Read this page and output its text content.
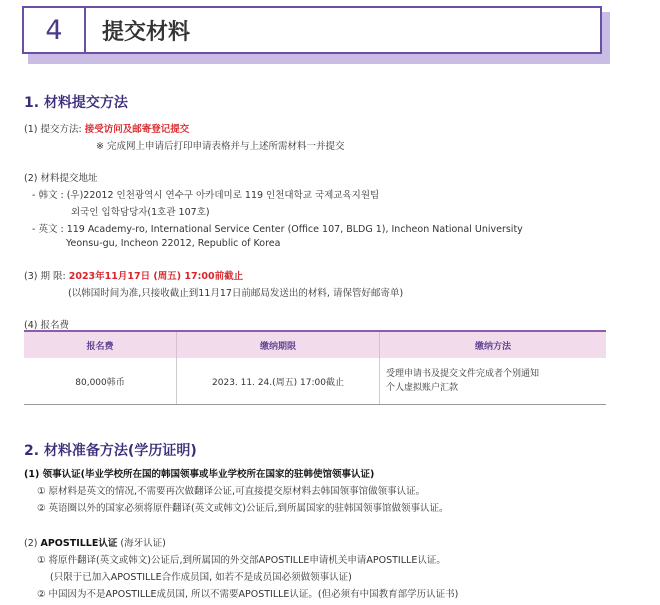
4	提交材料
1. 材料提交方法
(1) 提交方法: 接受访问及邮寄登记提交
※ 完成网上申请后打印申请表格并与上述所需材料一并提交
(2) 材料提交地址
- 韩文 : (우)22012 인천광역시 연수구 아카데미로 119 인천대학교 국제교육지원팀
외국인 입학담당자(1호관 107호)
- 英文 : 119 Academy-ro, International Service Center (Office 107, BLDG 1), Incheon National University
Yeonsu-gu, Incheon 22012, Republic of Korea
(3) 期 限: 2023年11月17日 (周五) 17:00前截止
(以韩国时间为准,只接收截止到11月17日前邮局发送出的材料, 请保管好邮寄单)
(4) 报名费
报名费	缴纳期限	缴纳方法
80,000韩币	2023. 11. 24.(周五) 17:00截止	受理申请书及提交文件完成者个别通知
个人虚拟账户汇款
2. 材料准备方法(学历证明)
(1) 领事认证(毕业学校所在国的韩国领事或毕业学校所在国家的驻韩使馆领事认证)
① 原材料是英文的情况,不需要再次做翻译公证,可直接提交原材料去韩国领事馆做领事认证。
② 英语圈以外的国家必须将原件翻译(英文或韩文)公证后,到所属国家的驻韩国领事馆做领事认证。
(2) APOSTILLE认证 (海牙认证)
① 将原件翻译(英文或韩文)公证后,到所属国的外交部APOSTILLE申请机关申请APOSTILLE认证。
(只限于已加入APOSTILLE合作成员国, 如若不是成员国必须做领事认证)
② 中国因为不是APOSTILLE成员国, 所以不需要APOSTILLE认证。(但必须有中国教育部学历认证书)
